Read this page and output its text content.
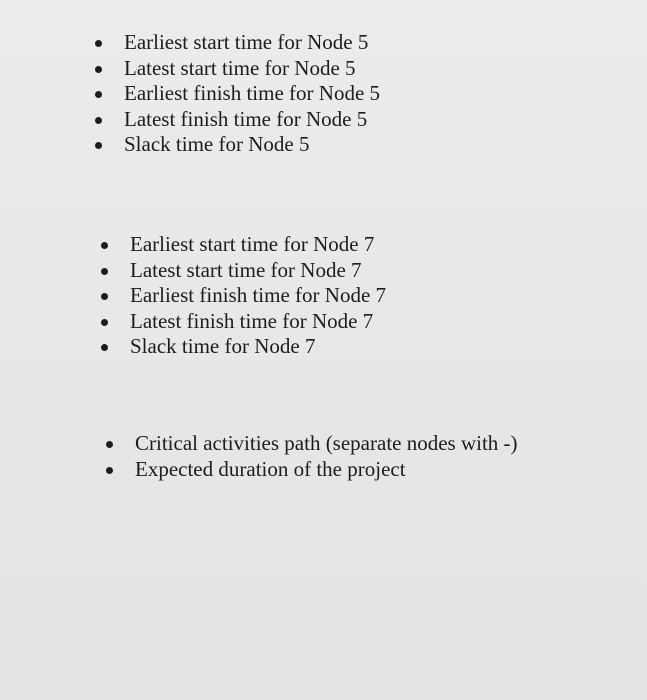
Earliest start time for Node 5
Latest start time for Node 5
Earliest finish time for Node 5
Latest finish time for Node 5
Slack time for Node 5
Earliest start time for Node 7
Latest start time for Node 7
Earliest finish time for Node 7
Latest finish time for Node 7
Slack time for Node 7
Critical activities path (separate nodes with -)
Expected duration of the project
